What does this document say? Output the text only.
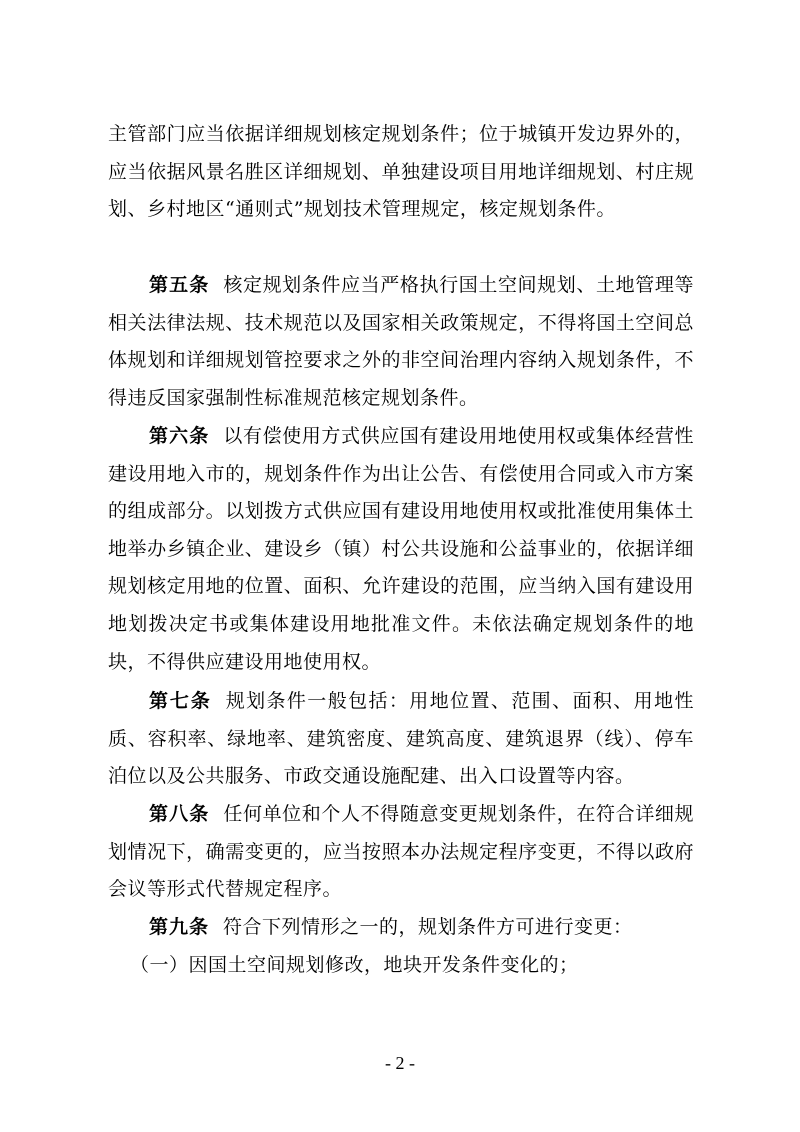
主管部门应当依据详细规划核定规划条件；位于城镇开发边界外的，应当依据风景名胜区详细规划、单独建设项目用地详细规划、村庄规划、乡村地区“通则式”规划技术管理规定，核定规划条件。

第五条 核定规划条件应当严格执行国土空间规划、土地管理等相关法律法规、技术规范以及国家相关政策规定，不得将国土空间总体规划和详细规划管控要求之外的非空间治理内容纳入规划条件，不得违反国家强制性标准规范核定规划条件。

第六条 以有偿使用方式供应国有建设用地使用权或集体经营性建设用地入市的，规划条件作为出让公告、有偿使用合同或入市方案的组成部分。以划拨方式供应国有建设用地使用权或批准使用集体土地举办乡镇企业、建设乡（镇）村公共设施和公益事业的，依据详细规划核定用地的位置、面积、允许建设的范围，应当纳入国有建设用地划拨决定书或集体建设用地批准文件。未依法确定规划条件的地块，不得供应建设用地使用权。

第七条 规划条件一般包括：用地位置、范围、面积、用地性质、容积率、绿地率、建筑密度、建筑高度、建筑退界（线）、停车泊位以及公共服务、市政交通设施配建、出入口设置等内容。

第八条 任何单位和个人不得随意变更规划条件，在符合详细规划情况下，确需变更的，应当按照本办法规定程序变更，不得以政府会议等形式代替规定程序。

第九条 符合下列情形之一的，规划条件方可进行变更：

（一）因国土空间规划修改，地块开发条件变化的；

- 2 -
